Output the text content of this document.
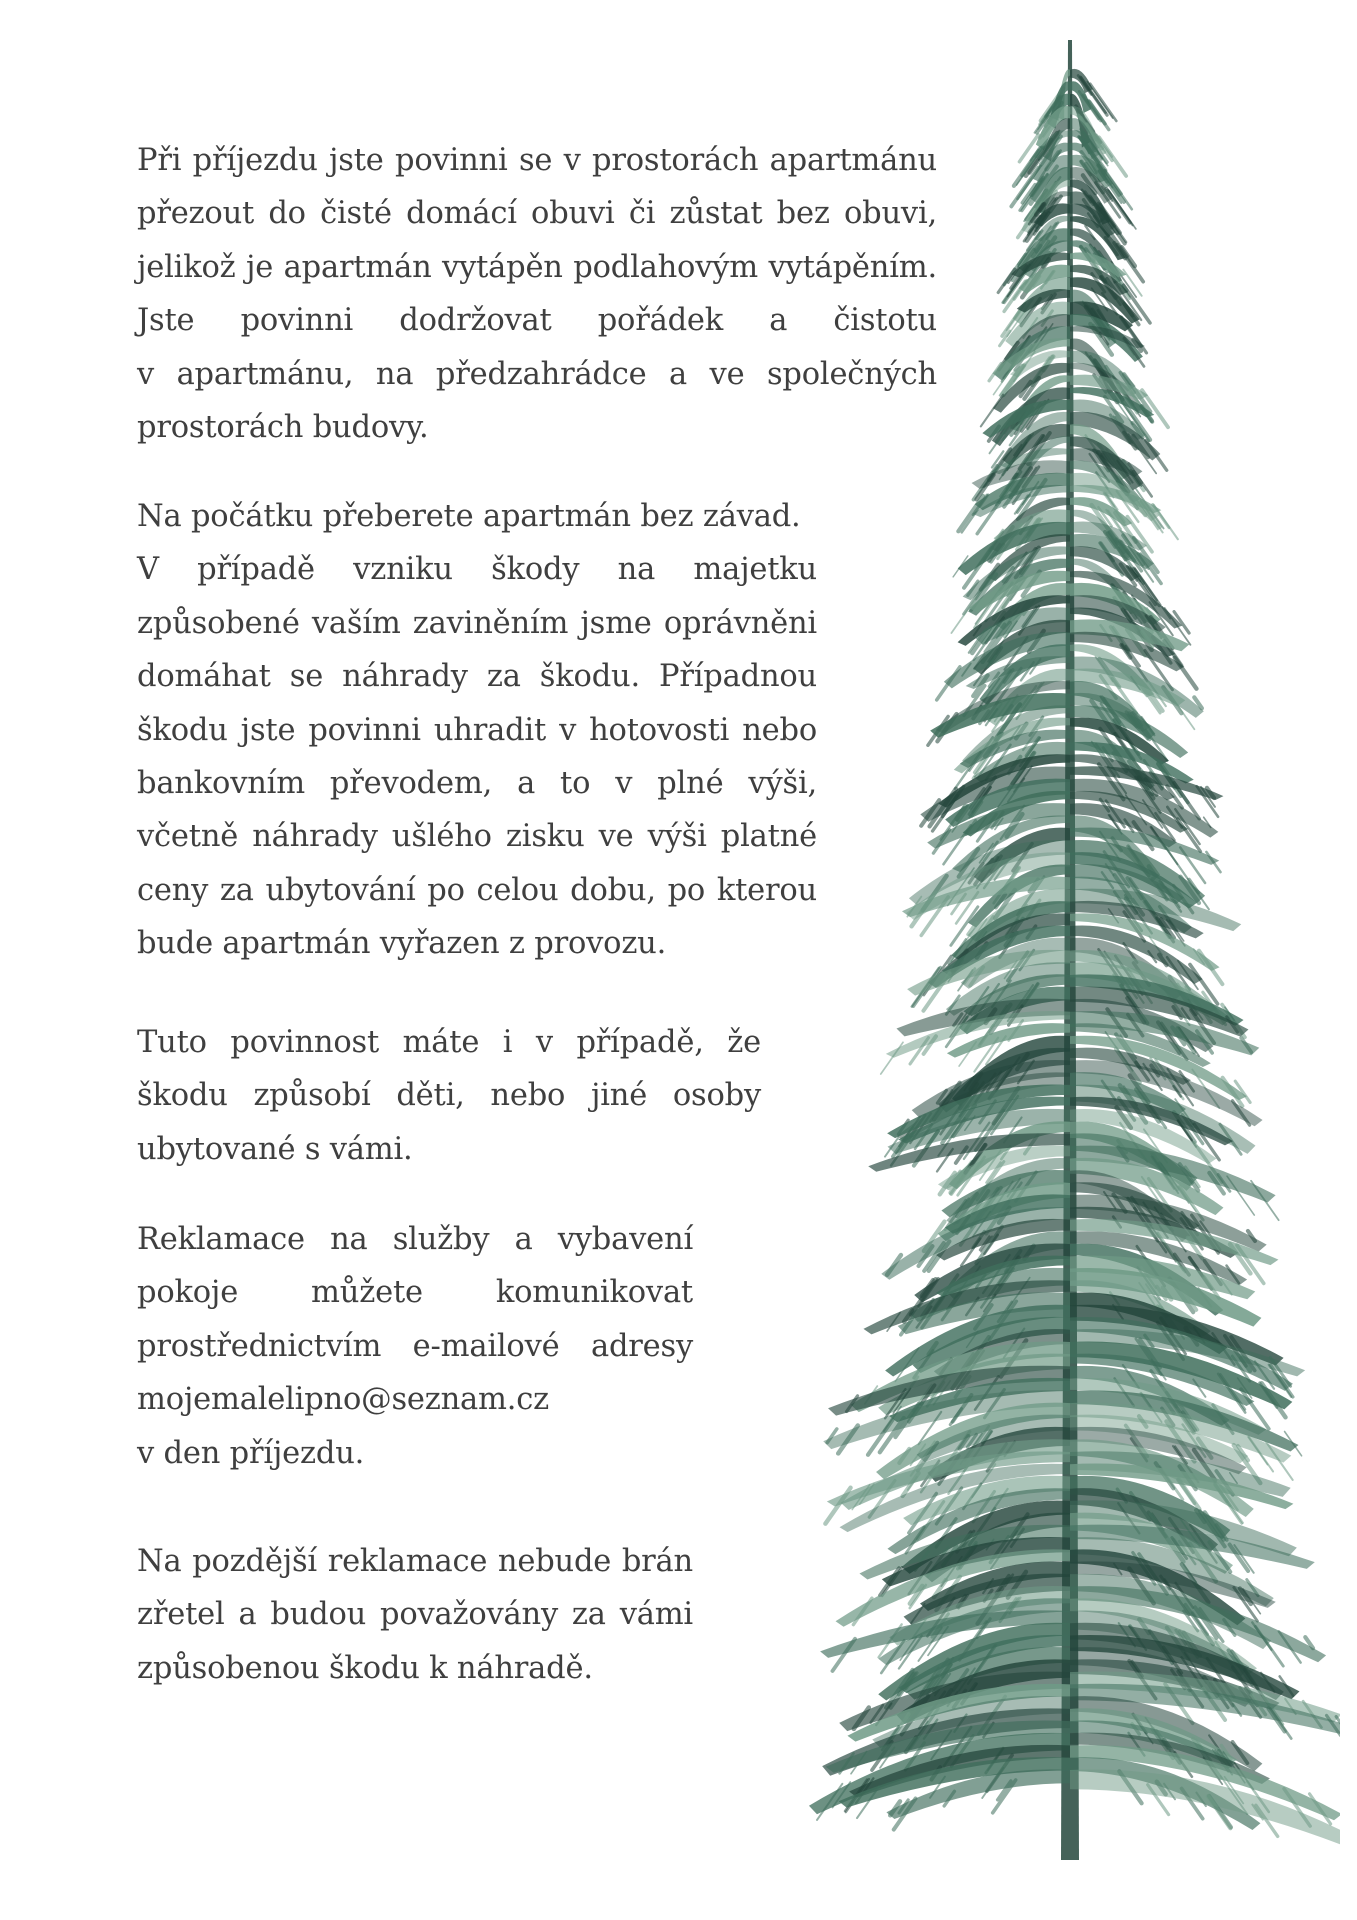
Při příjezdu jste povinni se v prostorách apartmánu
přezout do čisté domácí obuvi či zůstat bez obuvi,
jelikož je apartmán vytápěn podlahovým vytápěním.
Jste povinni dodržovat pořádek a čistotu
v apartmánu, na předzahrádce a ve společných
prostorách budovy.

Na počátku přeberete apartmán bez závad.
V případě vzniku škody na majetku
způsobené vaším zaviněním jsme oprávněni
domáhat se náhrady za škodu. Případnou
škodu jste povinni uhradit v hotovosti nebo
bankovním převodem, a to v plné výši,
včetně náhrady ušlého zisku ve výši platné
ceny za ubytování po celou dobu, po kterou
bude apartmán vyřazen z provozu.

Tuto povinnost máte i v případě, že
škodu způsobí děti, nebo jiné osoby
ubytované s vámi.

Reklamace na služby a vybavení
pokoje můžete komunikovat
prostřednictvím e-mailové adresy
mojemalelipno@seznam.cz
v den příjezdu.

Na pozdější reklamace nebude brán
zřetel a budou považovány za vámi
způsobenou škodu k náhradě.
